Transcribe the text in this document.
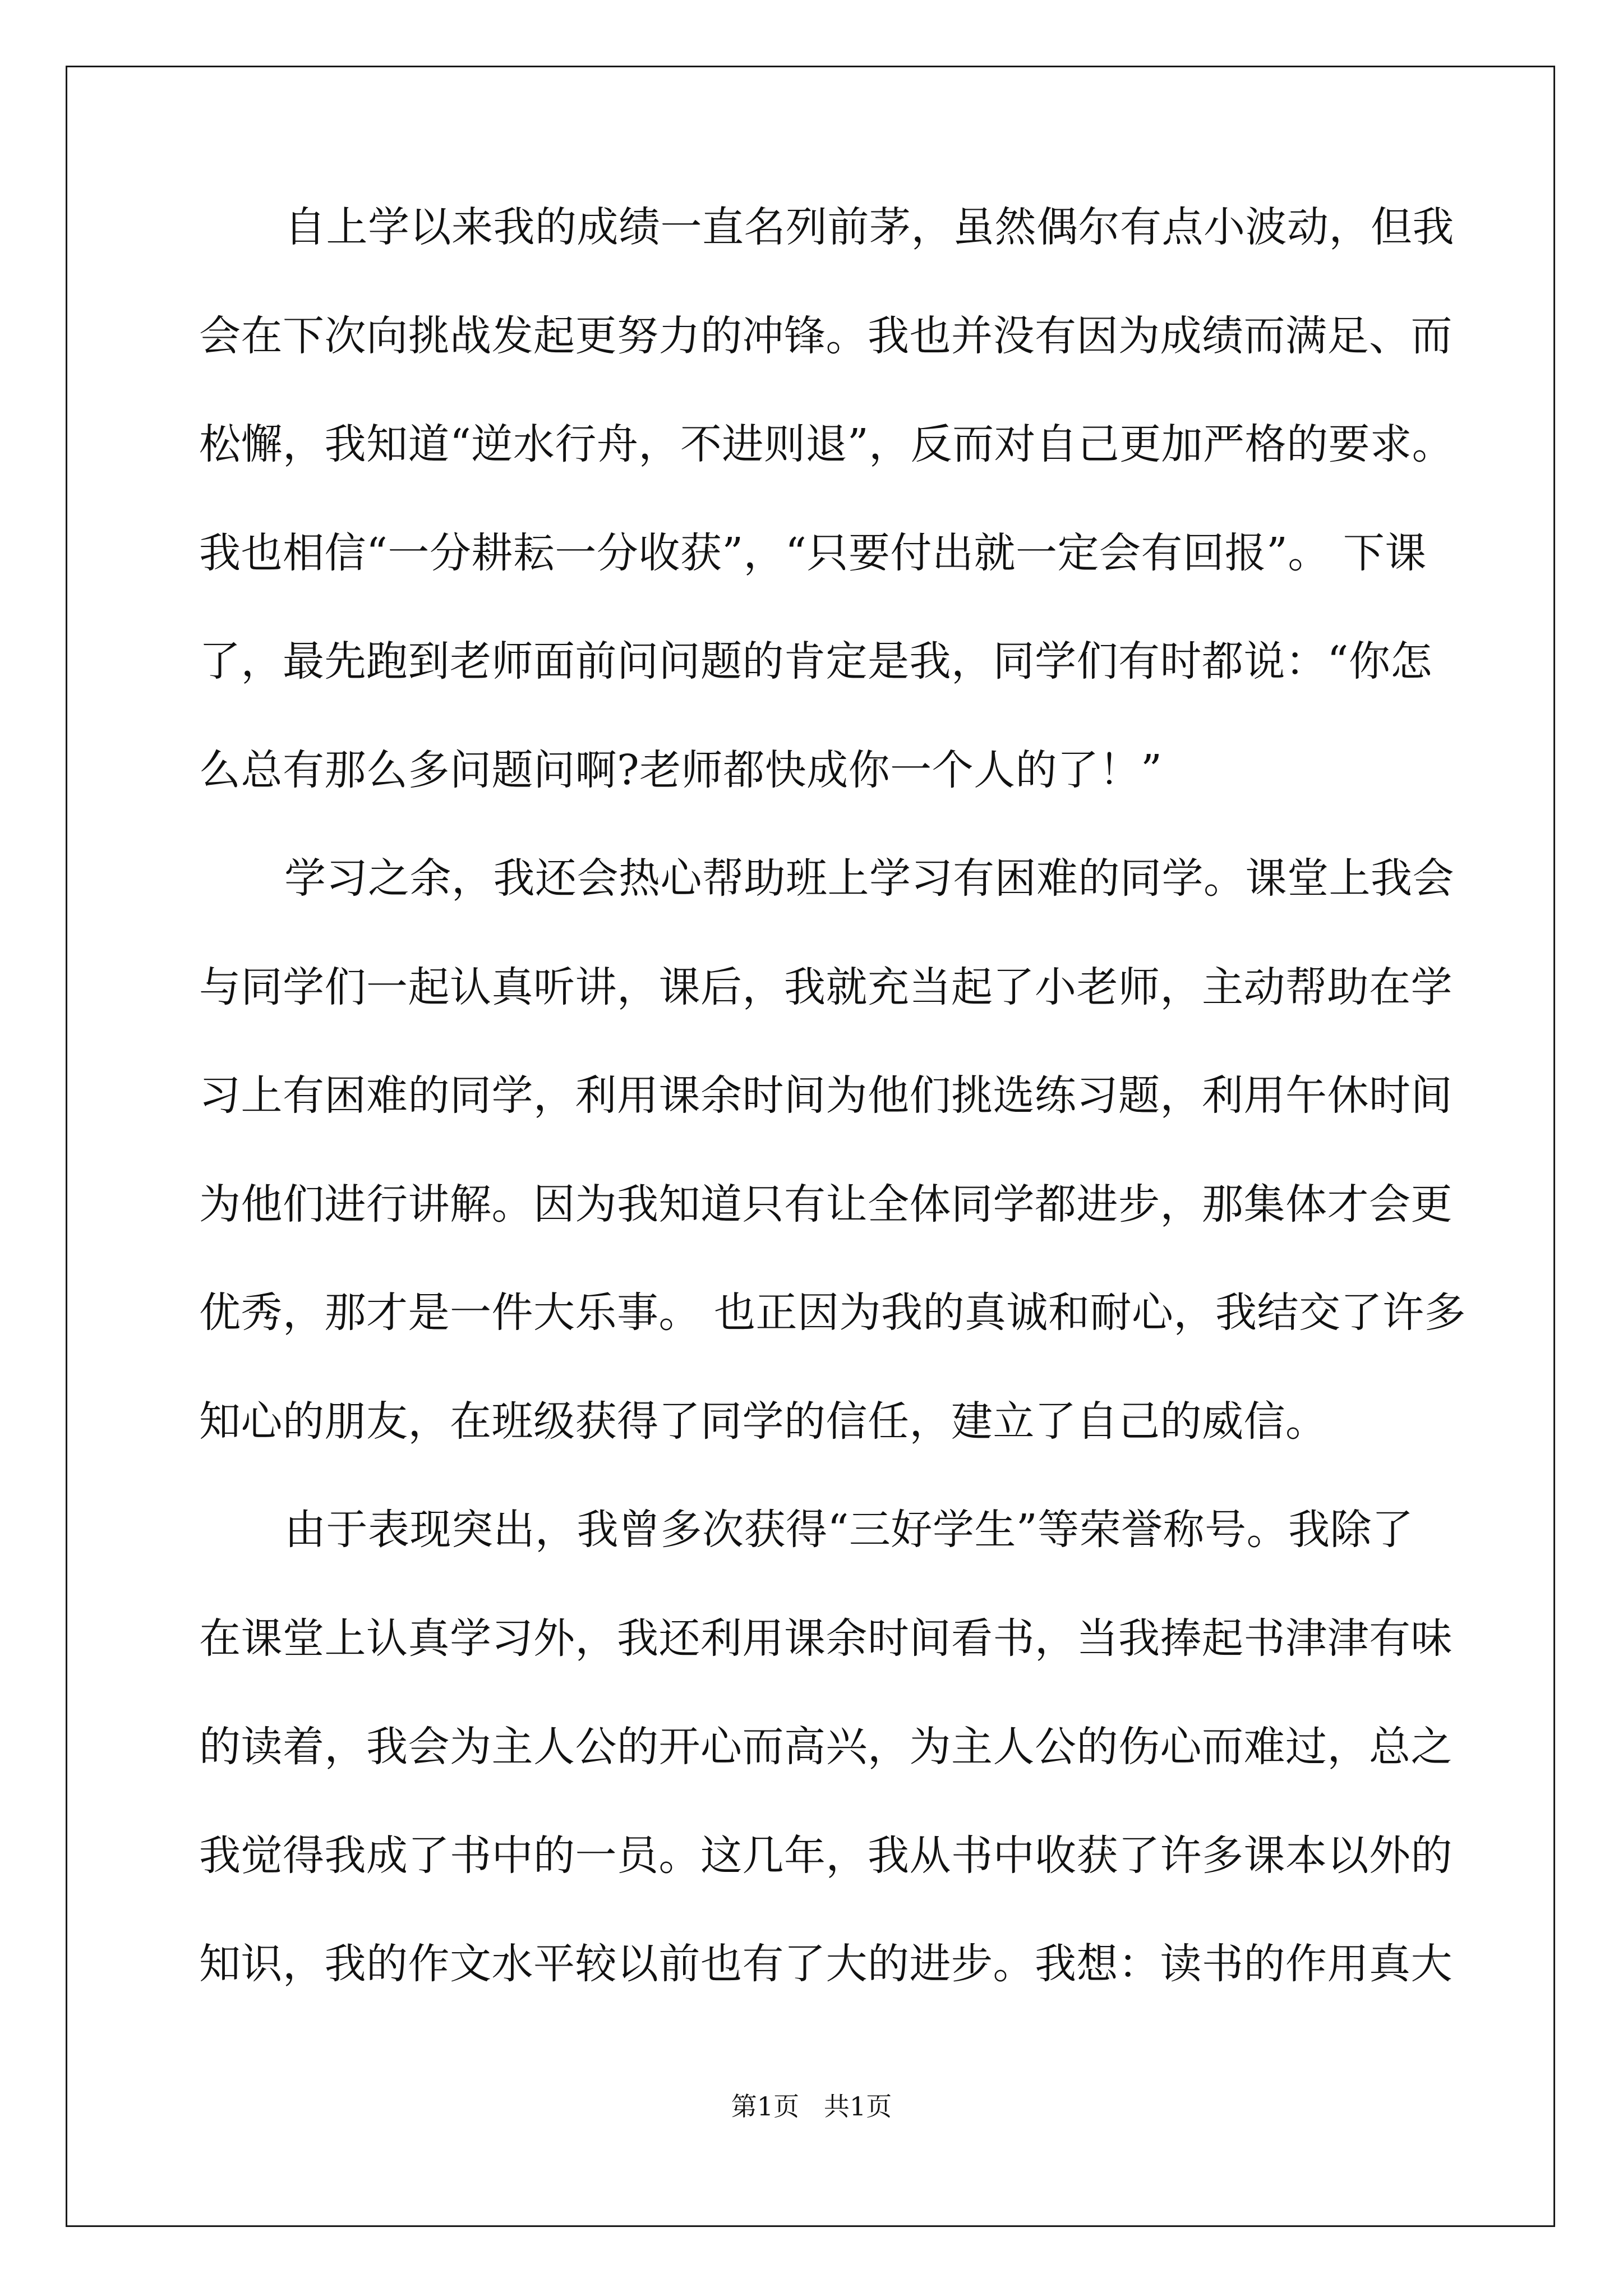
自上学以来我的成绩一直名列前茅，虽然偶尔有点小波动，但我
会在下次向挑战发起更努力的冲锋。我也并没有因为成绩而满足、而
松懈，我知道“逆水行舟，不进则退”，反而对自己更加严格的要求。
我也相信“一分耕耘一分收获”，“只要付出就一定会有回报”。 下课
了，最先跑到老师面前问问题的肯定是我，同学们有时都说：“你怎
么总有那么多问题问啊?老师都快成你一个人的了！”
学习之余，我还会热心帮助班上学习有困难的同学。课堂上我会
与同学们一起认真听讲，课后，我就充当起了小老师，主动帮助在学
习上有困难的同学，利用课余时间为他们挑选练习题，利用午休时间
为他们进行讲解。因为我知道只有让全体同学都进步，那集体才会更
优秀，那才是一件大乐事。 也正因为我的真诚和耐心，我结交了许多
知心的朋友，在班级获得了同学的信任，建立了自己的威信。
由于表现突出，我曾多次获得“三好学生”等荣誉称号。我除了
在课堂上认真学习外，我还利用课余时间看书，当我捧起书津津有味
的读着，我会为主人公的开心而高兴，为主人公的伤心而难过，总之
我觉得我成了书中的一员。这几年，我从书中收获了许多课本以外的
知识，我的作文水平较以前也有了大的进步。我想：读书的作用真大
第1页   共1页
